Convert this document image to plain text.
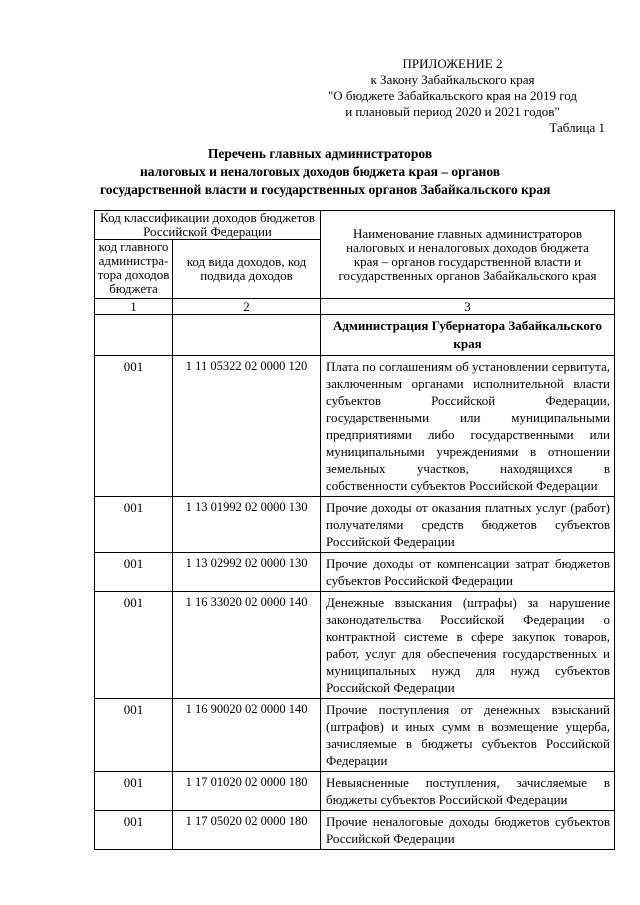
ПРИЛОЖЕНИЕ 2
к Закону Забайкальского края
"О бюджете Забайкальского края на 2019 год
и плановый период 2020 и 2021 годов"
Таблица 1
Перечень главных администраторов
налоговых и неналоговых доходов бюджета края – органов
государственной власти и государственных органов Забайкальского края
Код классификации доходов бюджетов Российской Федерации		Наименование главных администраторов налоговых и неналоговых доходов бюджета края – органов государственной власти и государственных органов Забайкальского края
код главного администра-тора доходов бюджета	код вида доходов, код подвида доходов	
1	2	3
		Администрация Губернатора Забайкальского края
001	1 11 05322 02 0000 120	Плата по соглашениям об установлении сервитута, заключенным органами исполнительной власти субъектов Российской Федерации, государственными или муниципальными предприятиями либо государственными или муниципальными учреждениями в отношении земельных участков, находящихся в собственности субъектов Российской Федерации
001	1 13 01992 02 0000 130	Прочие доходы от оказания платных услуг (работ) получателями средств бюджетов субъектов Российской Федерации
001	1 13 02992 02 0000 130	Прочие доходы от компенсации затрат бюджетов субъектов Российской Федерации
001	1 16 33020 02 0000 140	Денежные взыскания (штрафы) за нарушение законодательства Российской Федерации о контрактной системе в сфере закупок товаров, работ, услуг для обеспечения государственных и муниципальных нужд для нужд субъектов Российской Федерации
001	1 16 90020 02 0000 140	Прочие поступления от денежных взысканий (штрафов) и иных сумм в возмещение ущерба, зачисляемые в бюджеты субъектов Российской Федерации
001	1 17 01020 02 0000 180	Невыясненные поступления, зачисляемые в бюджеты субъектов Российской Федерации
001	1 17 05020 02 0000 180	Прочие неналоговые доходы бюджетов субъектов Российской Федерации
